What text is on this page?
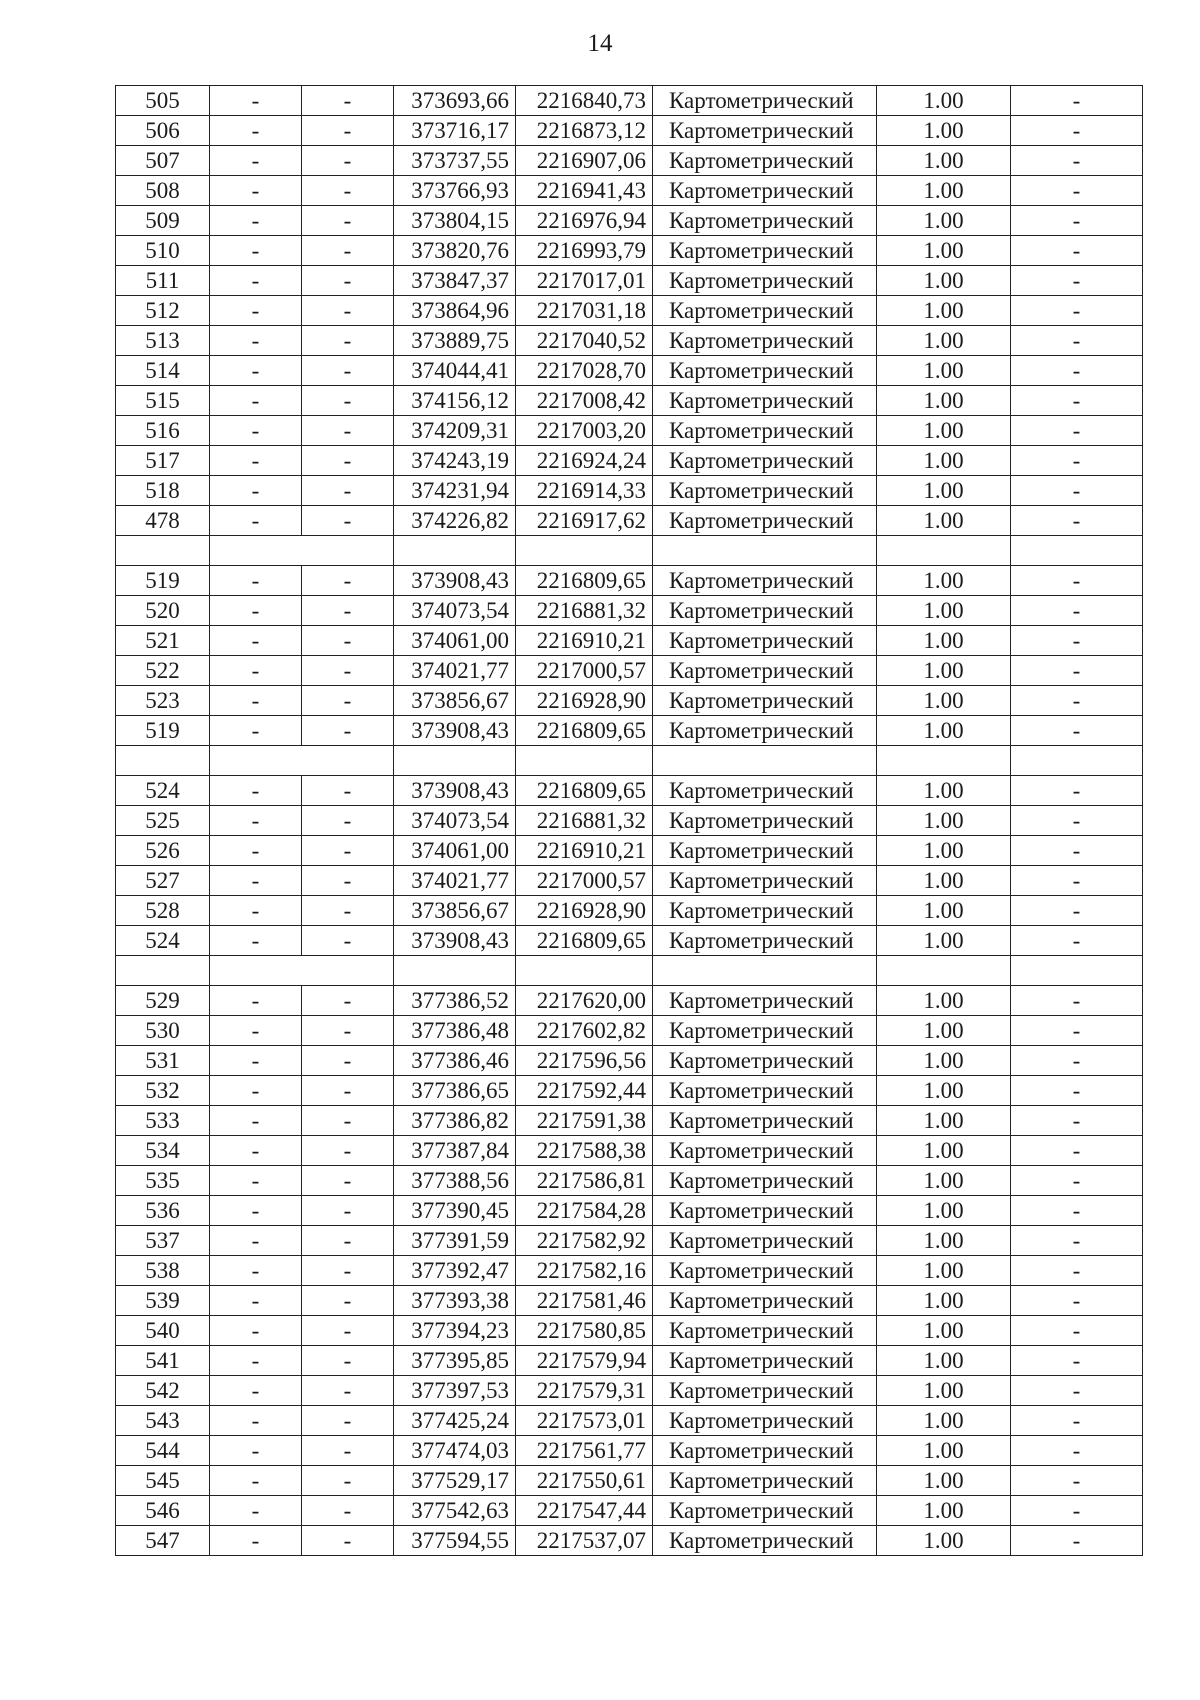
14
505	-	-	373693,66	2216840,73	Картометрический	1.00	-
506	-	-	373716,17	2216873,12	Картометрический	1.00	-
507	-	-	373737,55	2216907,06	Картометрический	1.00	-
508	-	-	373766,93	2216941,43	Картометрический	1.00	-
509	-	-	373804,15	2216976,94	Картометрический	1.00	-
510	-	-	373820,76	2216993,79	Картометрический	1.00	-
511	-	-	373847,37	2217017,01	Картометрический	1.00	-
512	-	-	373864,96	2217031,18	Картометрический	1.00	-
513	-	-	373889,75	2217040,52	Картометрический	1.00	-
514	-	-	374044,41	2217028,70	Картометрический	1.00	-
515	-	-	374156,12	2217008,42	Картометрический	1.00	-
516	-	-	374209,31	2217003,20	Картометрический	1.00	-
517	-	-	374243,19	2216924,24	Картометрический	1.00	-
518	-	-	374231,94	2216914,33	Картометрический	1.00	-
478	-	-	374226,82	2216917,62	Картометрический	1.00	-

519	-	-	373908,43	2216809,65	Картометрический	1.00	-
520	-	-	374073,54	2216881,32	Картометрический	1.00	-
521	-	-	374061,00	2216910,21	Картометрический	1.00	-
522	-	-	374021,77	2217000,57	Картометрический	1.00	-
523	-	-	373856,67	2216928,90	Картометрический	1.00	-
519	-	-	373908,43	2216809,65	Картометрический	1.00	-

524	-	-	373908,43	2216809,65	Картометрический	1.00	-
525	-	-	374073,54	2216881,32	Картометрический	1.00	-
526	-	-	374061,00	2216910,21	Картометрический	1.00	-
527	-	-	374021,77	2217000,57	Картометрический	1.00	-
528	-	-	373856,67	2216928,90	Картометрический	1.00	-
524	-	-	373908,43	2216809,65	Картометрический	1.00	-

529	-	-	377386,52	2217620,00	Картометрический	1.00	-
530	-	-	377386,48	2217602,82	Картометрический	1.00	-
531	-	-	377386,46	2217596,56	Картометрический	1.00	-
532	-	-	377386,65	2217592,44	Картометрический	1.00	-
533	-	-	377386,82	2217591,38	Картометрический	1.00	-
534	-	-	377387,84	2217588,38	Картометрический	1.00	-
535	-	-	377388,56	2217586,81	Картометрический	1.00	-
536	-	-	377390,45	2217584,28	Картометрический	1.00	-
537	-	-	377391,59	2217582,92	Картометрический	1.00	-
538	-	-	377392,47	2217582,16	Картометрический	1.00	-
539	-	-	377393,38	2217581,46	Картометрический	1.00	-
540	-	-	377394,23	2217580,85	Картометрический	1.00	-
541	-	-	377395,85	2217579,94	Картометрический	1.00	-
542	-	-	377397,53	2217579,31	Картометрический	1.00	-
543	-	-	377425,24	2217573,01	Картометрический	1.00	-
544	-	-	377474,03	2217561,77	Картометрический	1.00	-
545	-	-	377529,17	2217550,61	Картометрический	1.00	-
546	-	-	377542,63	2217547,44	Картометрический	1.00	-
547	-	-	377594,55	2217537,07	Картометрический	1.00	-
